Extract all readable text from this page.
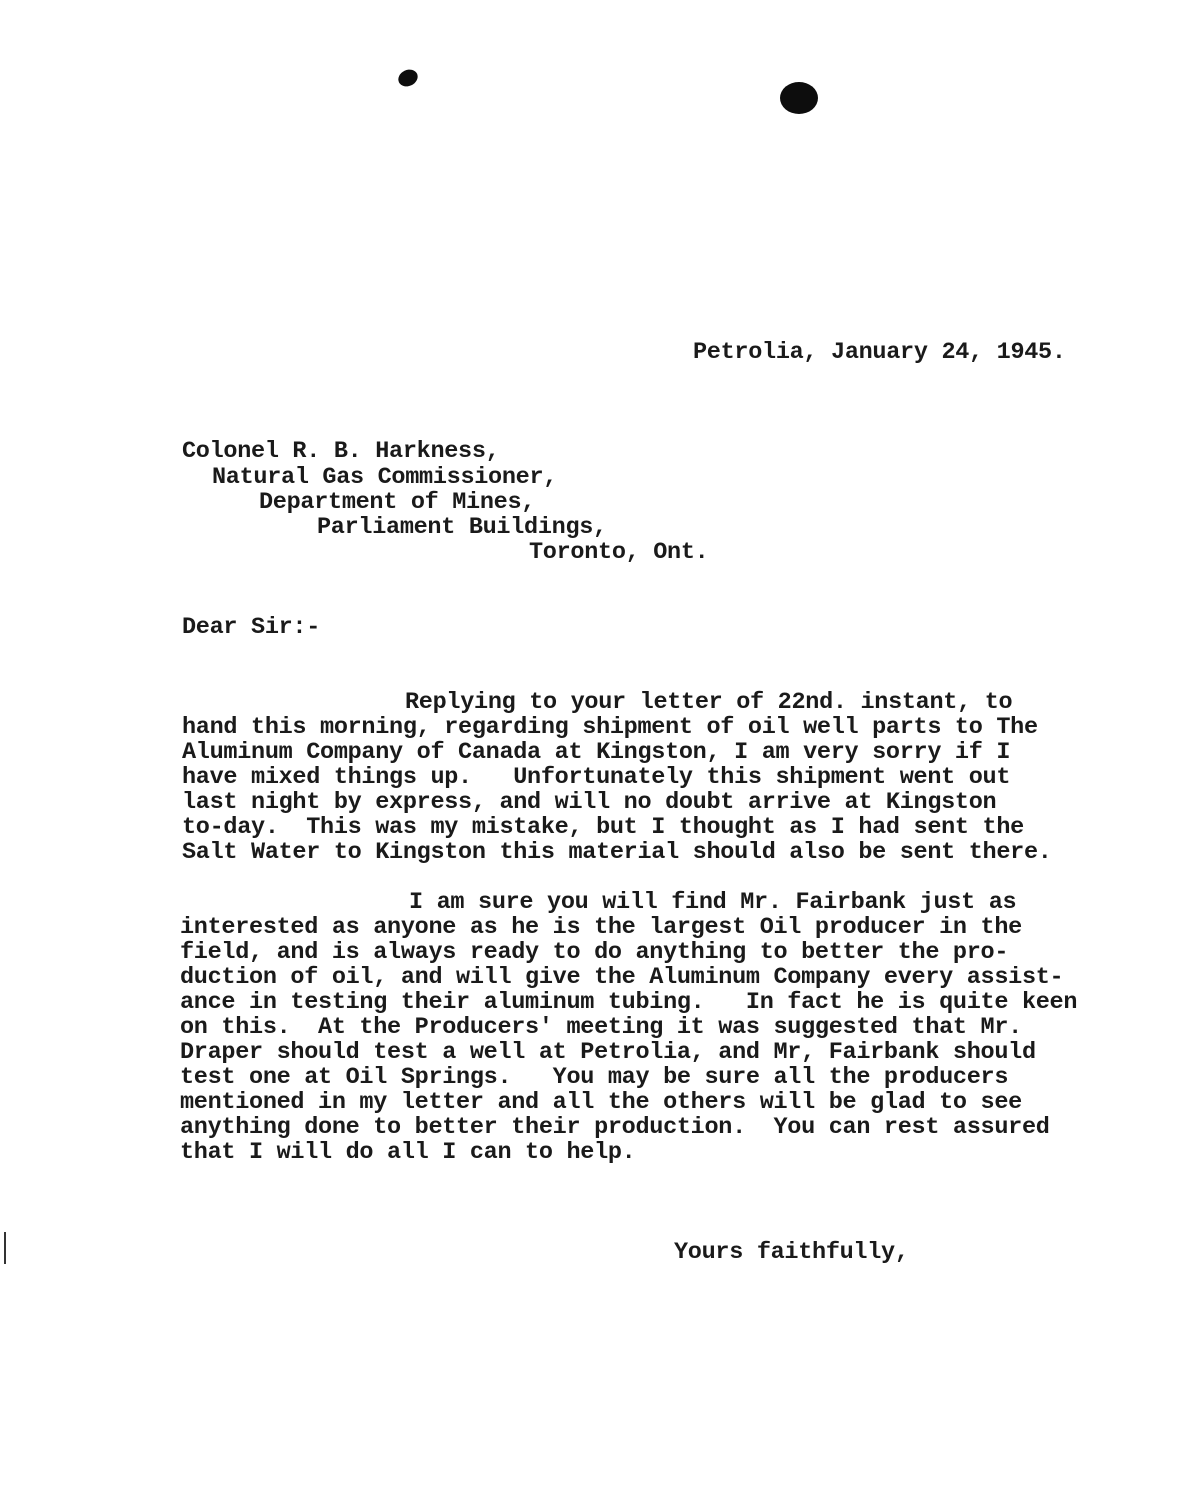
Petrolia, January 24, 1945.
Colonel R. B. Harkness,
Natural Gas Commissioner,
Department of Mines,
Parliament Buildings,
Toronto, Ont.
Dear Sir:-
Replying to your letter of 22nd. instant, to
hand this morning, regarding shipment of oil well parts to The
Aluminum Company of Canada at Kingston, I am very sorry if I
have mixed things up.   Unfortunately this shipment went out
last night by express, and will no doubt arrive at Kingston
to-day.  This was my mistake, but I thought as I had sent the
Salt Water to Kingston this material should also be sent there.
I am sure you will find Mr. Fairbank just as
interested as anyone as he is the largest Oil producer in the
field, and is always ready to do anything to better the pro-
duction of oil, and will give the Aluminum Company every assist-
ance in testing their aluminum tubing.   In fact he is quite keen
on this.  At the Producers' meeting it was suggested that Mr.
Draper should test a well at Petrolia, and Mr, Fairbank should
test one at Oil Springs.   You may be sure all the producers
mentioned in my letter and all the others will be glad to see
anything done to better their production.  You can rest assured
that I will do all I can to help.
Yours faithfully,
